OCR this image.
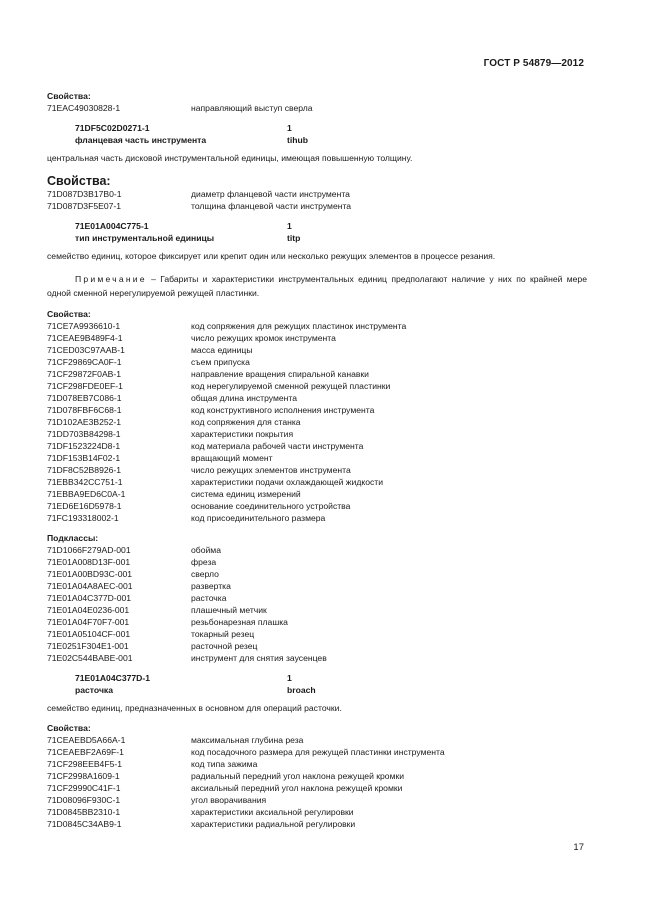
ГОСТ Р 54879—2012
Свойства:
71EAC49030828-1	направляющий выступ сверла
71DF5C02D0271-1	1
фланцевая часть инструмента	tihub
центральная часть дисковой инструментальной единицы, имеющая повышенную толщину.
Свойства:
71D087D3B17B0-1	диаметр фланцевой части инструмента
71D087D3F5E07-1	толщина фланцевой части инструмента
71E01A004C775-1	1
тип инструментальной единицы	titp
семейство единиц, которое фиксирует или крепит один или несколько режущих элементов в процессе резания.
Примечание – Габариты и характеристики инструментальных единиц предполагают наличие у них по крайней мере одной сменной нерегулируемой режущей пластинки.
Свойства:
71CE7A9936610-1	код сопряжения для режущих пластинок инструмента
71CEAE9B489F4-1	число режущих кромок инструмента
71CED03C97AAB-1	масса единицы
71CF29869CA0F-1	съем припуска
71CF29872F0AB-1	направление вращения спиральной канавки
71CF298FDE0EF-1	код нерегулируемой сменной режущей пластинки
71D078EB7C086-1	общая длина инструмента
71D078FBF6C68-1	код конструктивного исполнения инструмента
71D102AE3B252-1	код сопряжения для станка
71DD703B84298-1	характеристики покрытия
71DF1523224D8-1	код материала рабочей части инструмента
71DF153B14F02-1	вращающий момент
71DF8C52B8926-1	число режущих элементов инструмента
71EBB342CC751-1	характеристики подачи охлаждающей жидкости
71EBBA9ED6C0A-1	система единиц измерений
71ED6E16D5978-1	основание соединительного устройства
71FC193318002-1	код присоединительного размера
Подклассы:
71D1066F279AD-001	обойма
71E01A008D13F-001	фреза
71E01A00BD93C-001	сверло
71E01A04A8AEC-001	развертка
71E01A04C377D-001	расточка
71E01A04E0236-001	плашечный метчик
71E01A04F70F7-001	резьбонарезная плашка
71E01A05104CF-001	токарный резец
71E0251F304E1-001	расточной резец
71E02C544BABE-001	инструмент для снятия заусенцев
71E01A04C377D-1	1
расточка	broach
семейство единиц, предназначенных в основном для операций расточки.
Свойства:
71CEAEBD5A66A-1	максимальная глубина реза
71CEAEBF2A69F-1	код посадочного размера для режущей пластинки инструмента
71CF298EEB4F5-1	код типа зажима
71CF2998A1609-1	радиальный передний угол наклона режущей кромки
71CF29990C41F-1	аксиальный передний угол наклона режущей кромки
71D08096F930C-1	угол вворачивания
71D0845BB2310-1	характеристики аксиальной регулировки
71D0845C34AB9-1	характеристики радиальной регулировки
17
